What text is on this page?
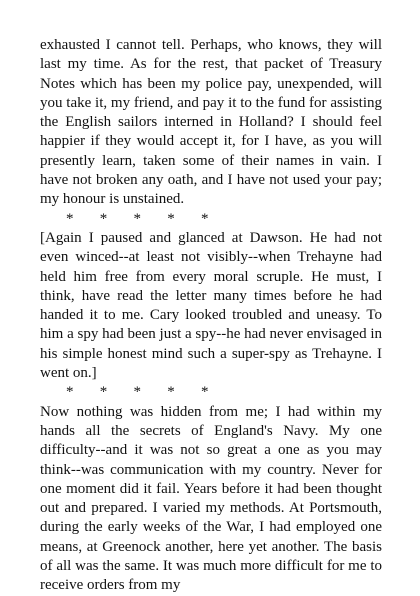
exhausted I cannot tell. Perhaps, who knows, they will last my time. As for the rest, that packet of Treasury Notes which has been my police pay, unexpended, will you take it, my friend, and pay it to the fund for assisting the English sailors interned in Holland? I should feel happier if they would accept it, for I have, as you will presently learn, taken some of their names in vain. I have not broken any oath, and I have not used your pay; my honour is unstained.

*       *       *       *       *

[Again I paused and glanced at Dawson. He had not even winced--at least not visibly--when Trehayne had held him free from every moral scruple. He must, I think, have read the letter many times before he had handed it to me. Cary looked troubled and uneasy. To him a spy had been just a spy--he had never envisaged in his simple honest mind such a super-spy as Trehayne. I went on.]

*       *       *       *       *

Now nothing was hidden from me; I had within my hands all the secrets of England's Navy. My one difficulty--and it was not so great a one as you may think--was communication with my country. Never for one moment did it fail. Years before it had been thought out and prepared. I varied my methods. At Portsmouth, during the early weeks of the War, I had employed one means, at Greenock another, here yet another. The basis of all was the same. It was much more difficult for me to receive orders from my
